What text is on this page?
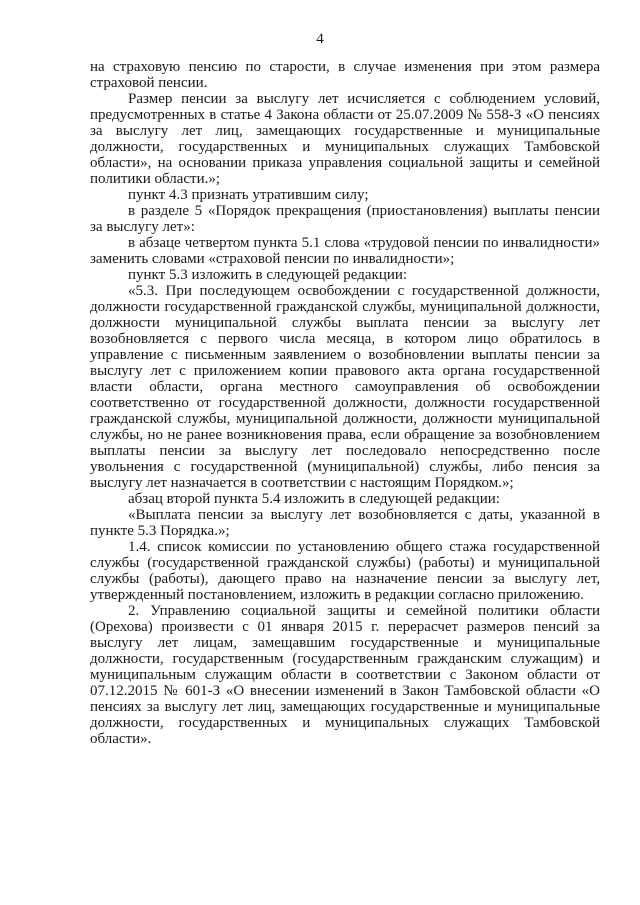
4

на страховую пенсию по старости, в случае изменения при этом размера страховой пенсии.

Размер пенсии за выслугу лет исчисляется с соблюдением условий, предусмотренных в статье 4 Закона области от 25.07.2009 № 558-З «О пенсиях за выслугу лет лиц, замещающих государственные и муниципальные должности, государственных и муниципальных служащих Тамбовской области», на основании приказа управления социальной защиты и семейной политики области.»;

пункт 4.3 признать утратившим силу;

в разделе 5 «Порядок прекращения (приостановления) выплаты пенсии за выслугу лет»:

в абзаце четвертом пункта 5.1 слова «трудовой пенсии по инвалидности» заменить словами «страховой пенсии по инвалидности»;

пункт 5.3 изложить в следующей редакции:

«5.3. При последующем освобождении с государственной должности, должности государственной гражданской службы, муниципальной должности, должности муниципальной службы выплата пенсии за выслугу лет возобновляется с первого числа месяца, в котором лицо обратилось в управление с письменным заявлением о возобновлении выплаты пенсии за выслугу лет с приложением копии правового акта органа государственной власти области, органа местного самоуправления об освобождении соответственно от государственной должности, должности государственной гражданской службы, муниципальной должности, должности муниципальной службы, но не ранее возникновения права, если обращение за возобновлением выплаты пенсии за выслугу лет последовало непосредственно после увольнения с государственной (муниципальной) службы, либо пенсия за выслугу лет назначается в соответствии с настоящим Порядком.»;

абзац второй пункта 5.4 изложить в следующей редакции:

«Выплата пенсии за выслугу лет возобновляется с даты, указанной в пункте 5.3 Порядка.»;

1.4. список комиссии по установлению общего стажа государственной службы (государственной гражданской службы) (работы) и муниципальной службы (работы), дающего право на назначение пенсии за выслугу лет, утвержденный постановлением, изложить в редакции согласно приложению.

2. Управлению социальной защиты и семейной политики области (Орехова) произвести с 01 января 2015 г. перерасчет размеров пенсий за выслугу лет лицам, замещавшим государственные и муниципальные должности, государственным (государственным гражданским служащим) и муниципальным служащим области в соответствии с Законом области от 07.12.2015 № 601-З «О внесении изменений в Закон Тамбовской области «О пенсиях за выслугу лет лиц, замещающих государственные и муниципальные должности, государственных и муниципальных служащих Тамбовской области».
